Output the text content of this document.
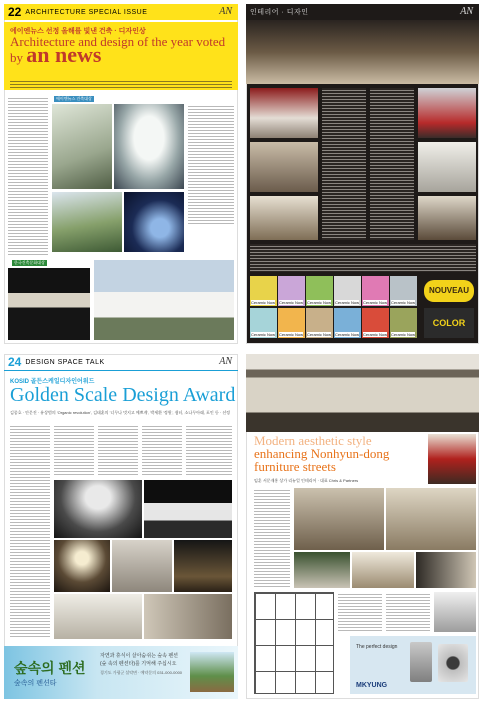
22 ARCHITECTURE SPECIAL ISSUE	AN
에이엔뉴스 선정 올해를 빛낸 건축 · 디자인상
Architecture and design of the year voted by an news
에이엔뉴스 건축대상
한국건축문화대상
인테리어 · 디자인	AN
Ceramic Now Ceramic Now Ceramic Now Ceramic Now Ceramic Now Ceramic Now
Ceramic Now Ceramic Now Ceramic Now Ceramic Now Ceramic Now Ceramic Now
NOUVEAU
COLOR
24 DESIGN SPACE TALK	AN
KOSID 골든스케일디자인어워드
Golden Scale Design Award
김종호 · 안문진 · 유상범의 'Organic revolution', 김태훈의 '너무나 멋지고 예쁘게', 박세환 '정원', 쉼터, 소나무아래, 포인 등 · 선정
숲속의 펜션
숲속의 펜션타
자연과 휴식이 살아숨쉬는 숲속 펜션
(숲 속의 펜션타)를 기억해 주십시오
경기도 가평군 설악면 · 예약문의 031-000-0000
Modern aesthetic style
enhancing Nonhyun-dong
furniture streets
임훈 서문재홍 상가 리뉴얼 인테리어 · 대표 Chris & Partners
The perfect design
MKYUNG
